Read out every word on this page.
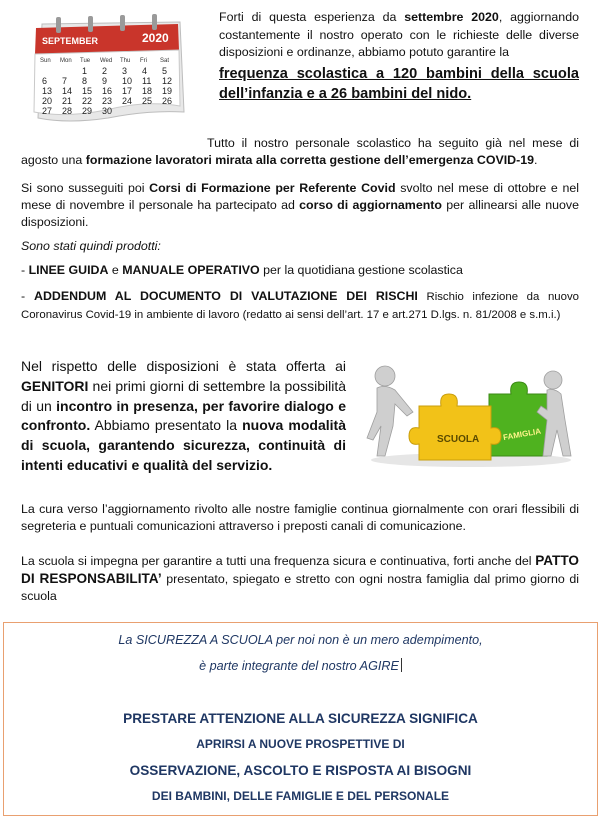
SEPTEMBER	2020
Sun Mon Tue Wed Thu Fri Sat
1 2 3 4 5
6 7 8 9 10 11 12
13 14 15 16 17 18 19
20 21 22 23 24 25 26
27 28 29 30

Forti di questa esperienza da settembre 2020, aggiornando costantemente il nostro operato con le richieste delle diverse disposizioni e ordinanze, abbiamo potuto garantire la
frequenza scolastica a 120 bambini della scuola dell’infanzia e a 26 bambini del nido.

Tutto il nostro personale scolastico ha seguito già nel mese di agosto una formazione lavoratori mirata alla corretta gestione dell’emergenza COVID-19.

Si sono susseguiti poi Corsi di Formazione per Referente Covid svolto nel mese di ottobre e nel mese di novembre il personale ha partecipato ad corso di aggiornamento per allinearsi alle nuove disposizioni.

Sono stati quindi prodotti:

- LINEE GUIDA e MANUALE OPERATIVO per la quotidiana gestione scolastica

- ADDENDUM AL DOCUMENTO DI VALUTAZIONE DEI RISCHI Rischio infezione da nuovo Coronavirus Covid-19 in ambiente di lavoro (redatto ai sensi dell’art. 17 e art.271 D.lgs. n. 81/2008 e s.m.i.)

Nel rispetto delle disposizioni è stata offerta ai GENITORI nei primi giorni di settembre la possibilità di un incontro in presenza, per favorire dialogo e confronto. Abbiamo presentato la nuova modalità di scuola, garantendo sicurezza, continuità di intenti educativi e qualità del servizio.

SCUOLA	FAMIGLIA

La cura verso l’aggiornamento rivolto alle nostre famiglie continua giornalmente con orari flessibili di segreteria e puntuali comunicazioni attraverso i preposti canali di comunicazione.

La scuola si impegna per garantire a tutti una frequenza sicura e continuativa, forti anche del PATTO DI RESPONSABILITA’ presentato, spiegato e stretto con ogni nostra famiglia dal primo giorno di scuola

La SICUREZZA A SCUOLA per noi non è un mero adempimento,

è parte integrante del nostro AGIRE

PRESTARE ATTENZIONE ALLA SICUREZZA SIGNIFICA

APRIRSI A NUOVE PROSPETTIVE DI

OSSERVAZIONE, ASCOLTO E RISPOSTA AI BISOGNI

DEI BAMBINI, DELLE FAMIGLIE E DEL PERSONALE
